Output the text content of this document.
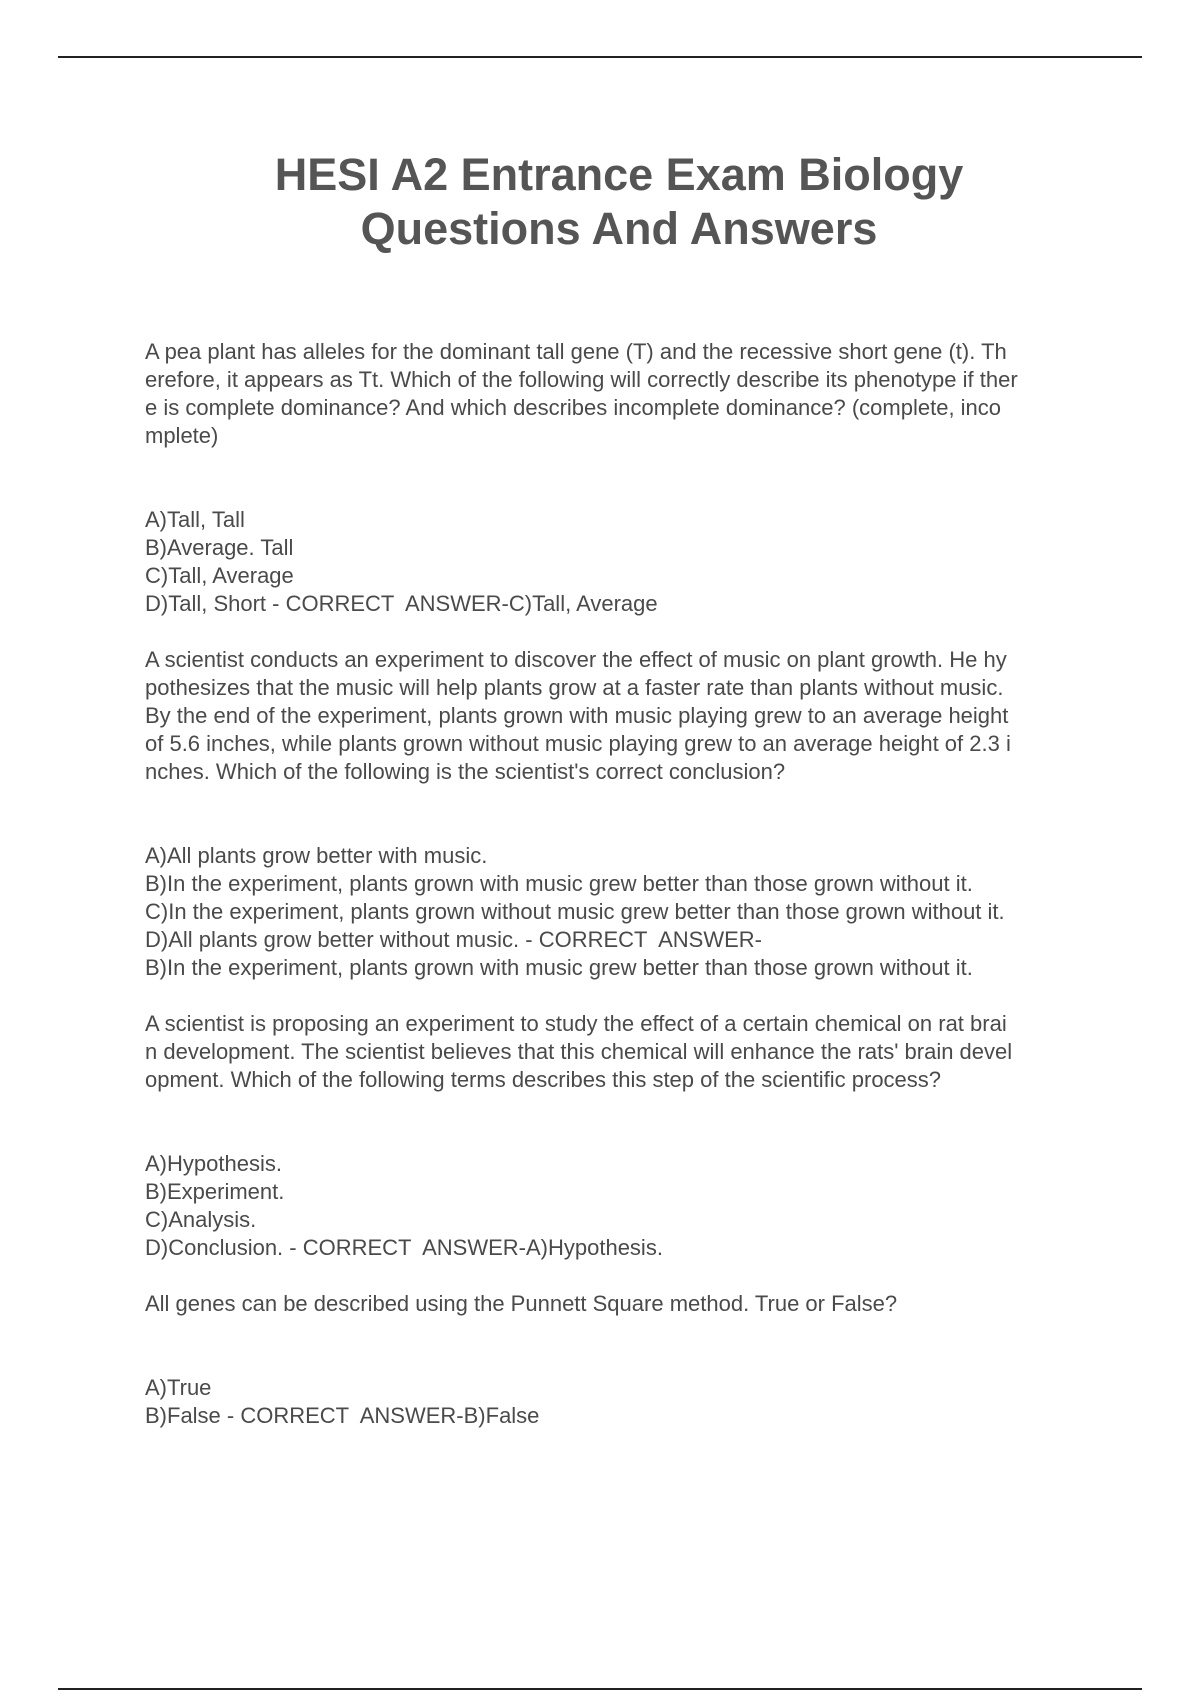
HESI A2 Entrance Exam Biology
Questions And Answers
A pea plant has alleles for the dominant tall gene (T) and the recessive short gene (t). Th
erefore, it appears as Tt. Which of the following will correctly describe its phenotype if ther
e is complete dominance? And which describes incomplete dominance? (complete, inco
mplete)
A)Tall, Tall
B)Average. Tall
C)Tall, Average
D)Tall, Short - CORRECT  ANSWER-C)Tall, Average
A scientist conducts an experiment to discover the effect of music on plant growth. He hy
pothesizes that the music will help plants grow at a faster rate than plants without music.
By the end of the experiment, plants grown with music playing grew to an average height
of 5.6 inches, while plants grown without music playing grew to an average height of 2.3 i
nches. Which of the following is the scientist's correct conclusion?
A)All plants grow better with music.
B)In the experiment, plants grown with music grew better than those grown without it.
C)In the experiment, plants grown without music grew better than those grown without it.
D)All plants grow better without music. - CORRECT  ANSWER-
B)In the experiment, plants grown with music grew better than those grown without it.
A scientist is proposing an experiment to study the effect of a certain chemical on rat brai
n development. The scientist believes that this chemical will enhance the rats' brain devel
opment. Which of the following terms describes this step of the scientific process?
A)Hypothesis.
B)Experiment.
C)Analysis.
D)Conclusion. - CORRECT  ANSWER-A)Hypothesis.
All genes can be described using the Punnett Square method. True or False?
A)True
B)False - CORRECT  ANSWER-B)False
